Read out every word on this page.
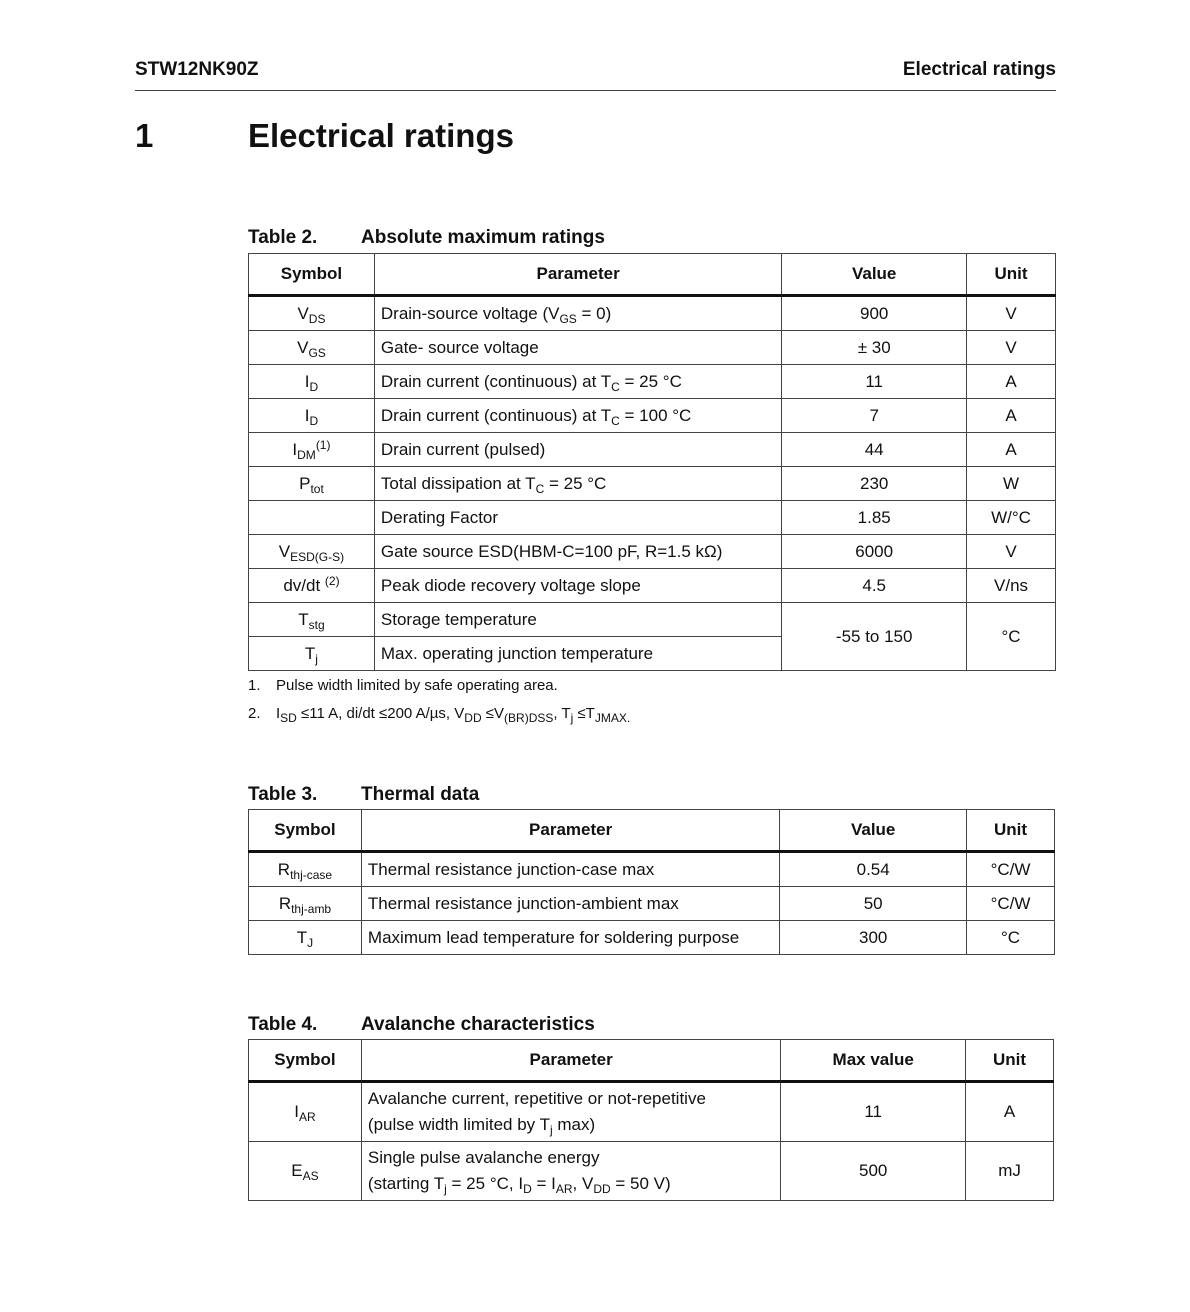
STW12NK90Z	Electrical ratings
1	Electrical ratings
Table 2. Absolute maximum ratings
Symbol	Parameter	Value	Unit
$V_{DS}$	Drain-source voltage $(V_{GS} = 0)$	900	V
$V_{GS}$	Gate- source voltage	± 30	V
$I_D$	Drain current (continuous) at $T_C = 25$ °C	11	A
$I_D$	Drain current (continuous) at $T_C = 100$ °C	7	A
$I_{DM}^{(1)}$	Drain current (pulsed)	44	A
$P_{tot}$	Total dissipation at $T_C = 25$ °C	230	W
	Derating Factor	1.85	W/°C
$V_{ESD(G-S)}$	Gate source ESD(HBM-C=100 pF, R=1.5 kΩ)	6000	V
dv/dt $^{(2)}$	Peak diode recovery voltage slope	4.5	V/ns
$T_{stg}$	Storage temperature	-55 to 150	°C
$T_j$	Max. operating junction temperature		
1. Pulse width limited by safe operating area.
2. $I_{SD} \le 11$ A, di/dt ≤200 A/µs, $V_{DD} \le V_{(BR)DSS}$, $T_j \le T_{JMAX.}$
Table 3. Thermal data
Symbol	Parameter	Value	Unit
$R_{thj-case}$	Thermal resistance junction-case max	0.54	°C/W
$R_{thj-amb}$	Thermal resistance junction-ambient max	50	°C/W
$T_J$	Maximum lead temperature for soldering purpose	300	°C
Table 4. Avalanche characteristics
Symbol	Parameter	Max value	Unit
$I_{AR}$	Avalanche current, repetitive or not-repetitive
(pulse width limited by $T_j$ max)	11	A
$E_{AS}$	Single pulse avalanche energy
(starting $T_j = 25$ °C, $I_D = I_{AR}$, $V_{DD} = 50$ V)	500	mJ
